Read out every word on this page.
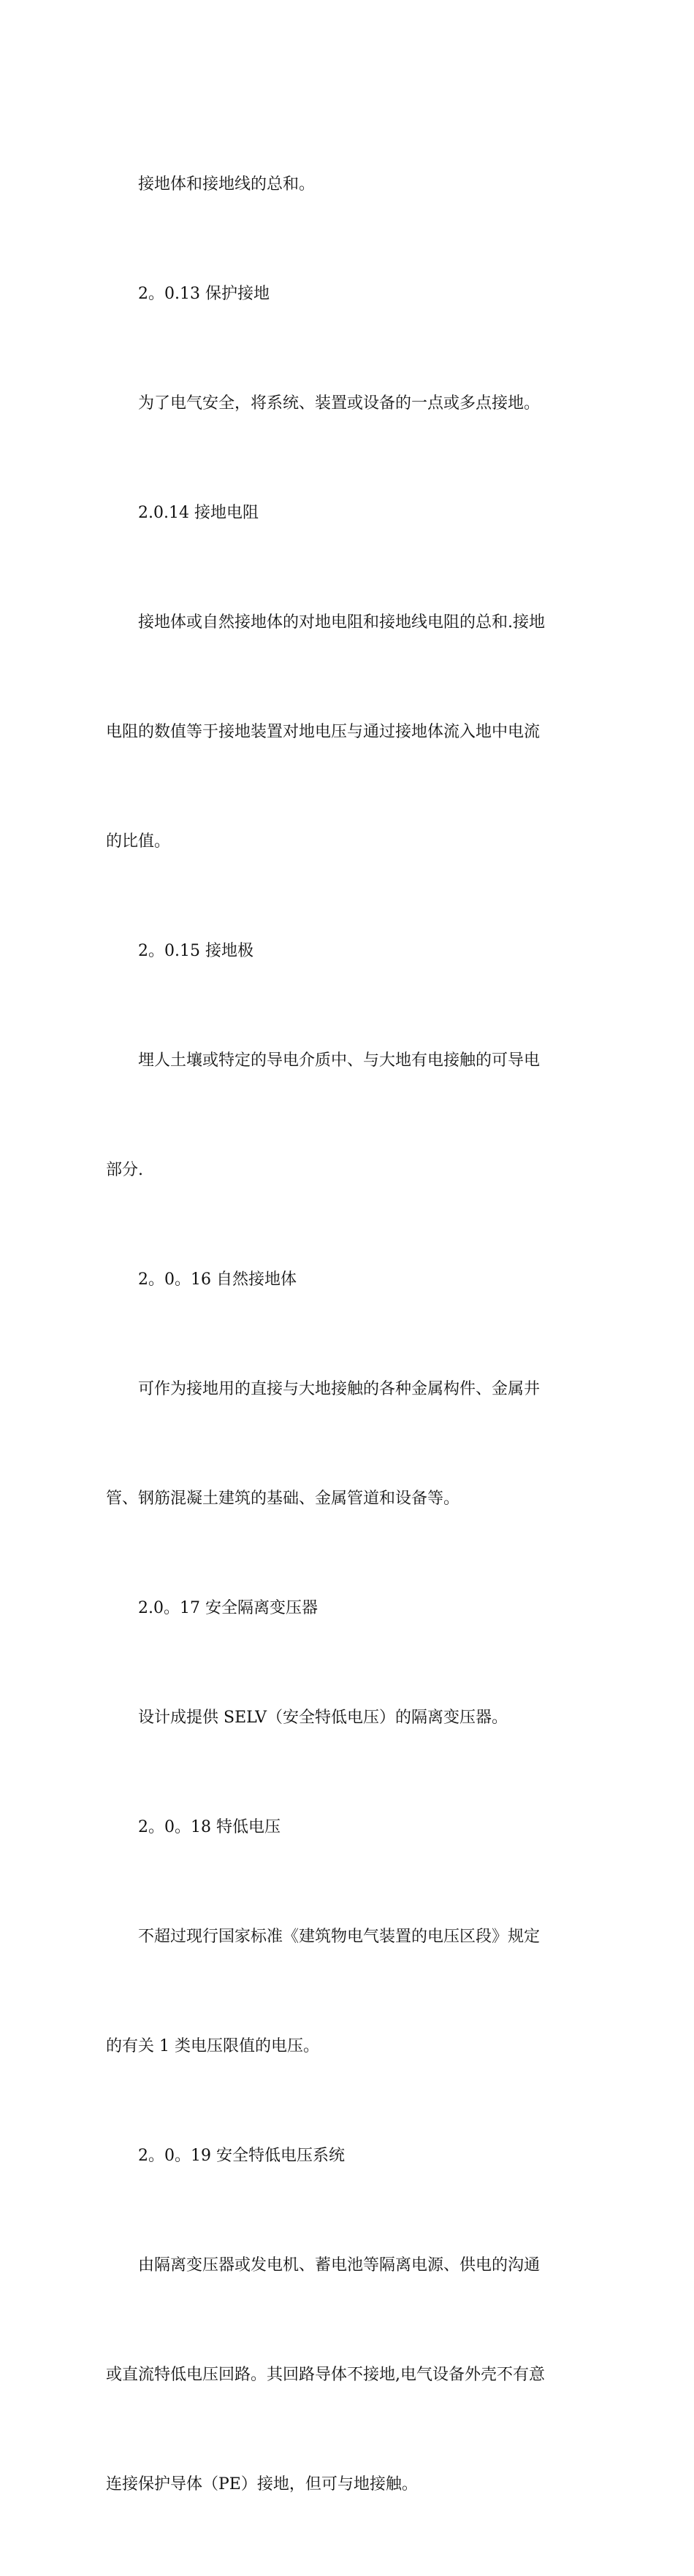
接地体和接地线的总和。

2。0.13 保护接地

为了电气安全，将系统、装置或设备的一点或多点接地。

2.0.14 接地电阻

接地体或自然接地体的对地电阻和接地线电阻的总和.接地

电阻的数值等于接地装置对地电压与通过接地体流入地中电流

的比值。

2。0.15 接地极

埋人土壤或特定的导电介质中、与大地有电接触的可导电

部分.

2。0。16 自然接地体

可作为接地用的直接与大地接触的各种金属构件、金属井

管、钢筋混凝土建筑的基础、金属管道和设备等。

2.0。17 安全隔离变压器

设计成提供 SELV（安全特低电压）的隔离变压器。

2。0。18 特低电压

不超过现行国家标准《建筑物电气装置的电压区段》规定

的有关 1 类电压限值的电压。

2。0。19 安全特低电压系统

由隔离变压器或发电机、蓄电池等隔离电源、供电的沟通

或直流特低电压回路。其回路导体不接地,电气设备外壳不有意

连接保护导体（PE）接地，但可与地接触。
